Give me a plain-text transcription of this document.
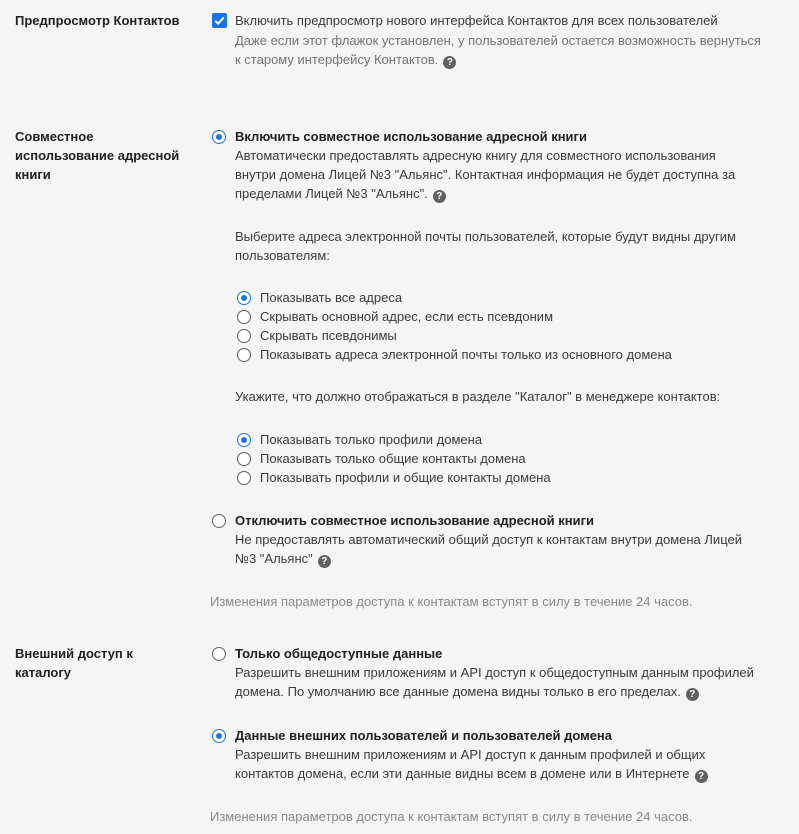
Предпросмотр Контактов	Включить предпросмотр нового интерфейса Контактов для всех пользователей
Даже если этот флажок установлен, у пользователей остается возможность вернуться
к старому интерфейсу Контактов. ?
Совместное
использование адресной
книги
Включить совместное использование адресной книги
Автоматически предоставлять адресную книгу для совместного использования
внутри домена Лицей №3 "Альянс". Контактная информация не будет доступна за
пределами Лицей №3 "Альянс". ?
Выберите адреса электронной почты пользователей, которые будут видны другим
пользователям:
Показывать все адреса
Скрывать основной адрес, если есть псевдоним
Скрывать псевдонимы
Показывать адреса электронной почты только из основного домена
Укажите, что должно отображаться в разделе "Каталог" в менеджере контактов:
Показывать только профили домена
Показывать только общие контакты домена
Показывать профили и общие контакты домена
Отключить совместное использование адресной книги
Не предоставлять автоматический общий доступ к контактам внутри домена Лицей
№3 "Альянс" ?
Изменения параметров доступа к контактам вступят в силу в течение 24 часов.
Внешний доступ к
каталогу
Только общедоступные данные
Разрешить внешним приложениям и API доступ к общедоступным данным профилей
домена. По умолчанию все данные домена видны только в его пределах. ?
Данные внешних пользователей и пользователей домена
Разрешить внешним приложениям и API доступ к данным профилей и общих
контактов домена, если эти данные видны всем в домене или в Интернете ?
Изменения параметров доступа к контактам вступят в силу в течение 24 часов.
